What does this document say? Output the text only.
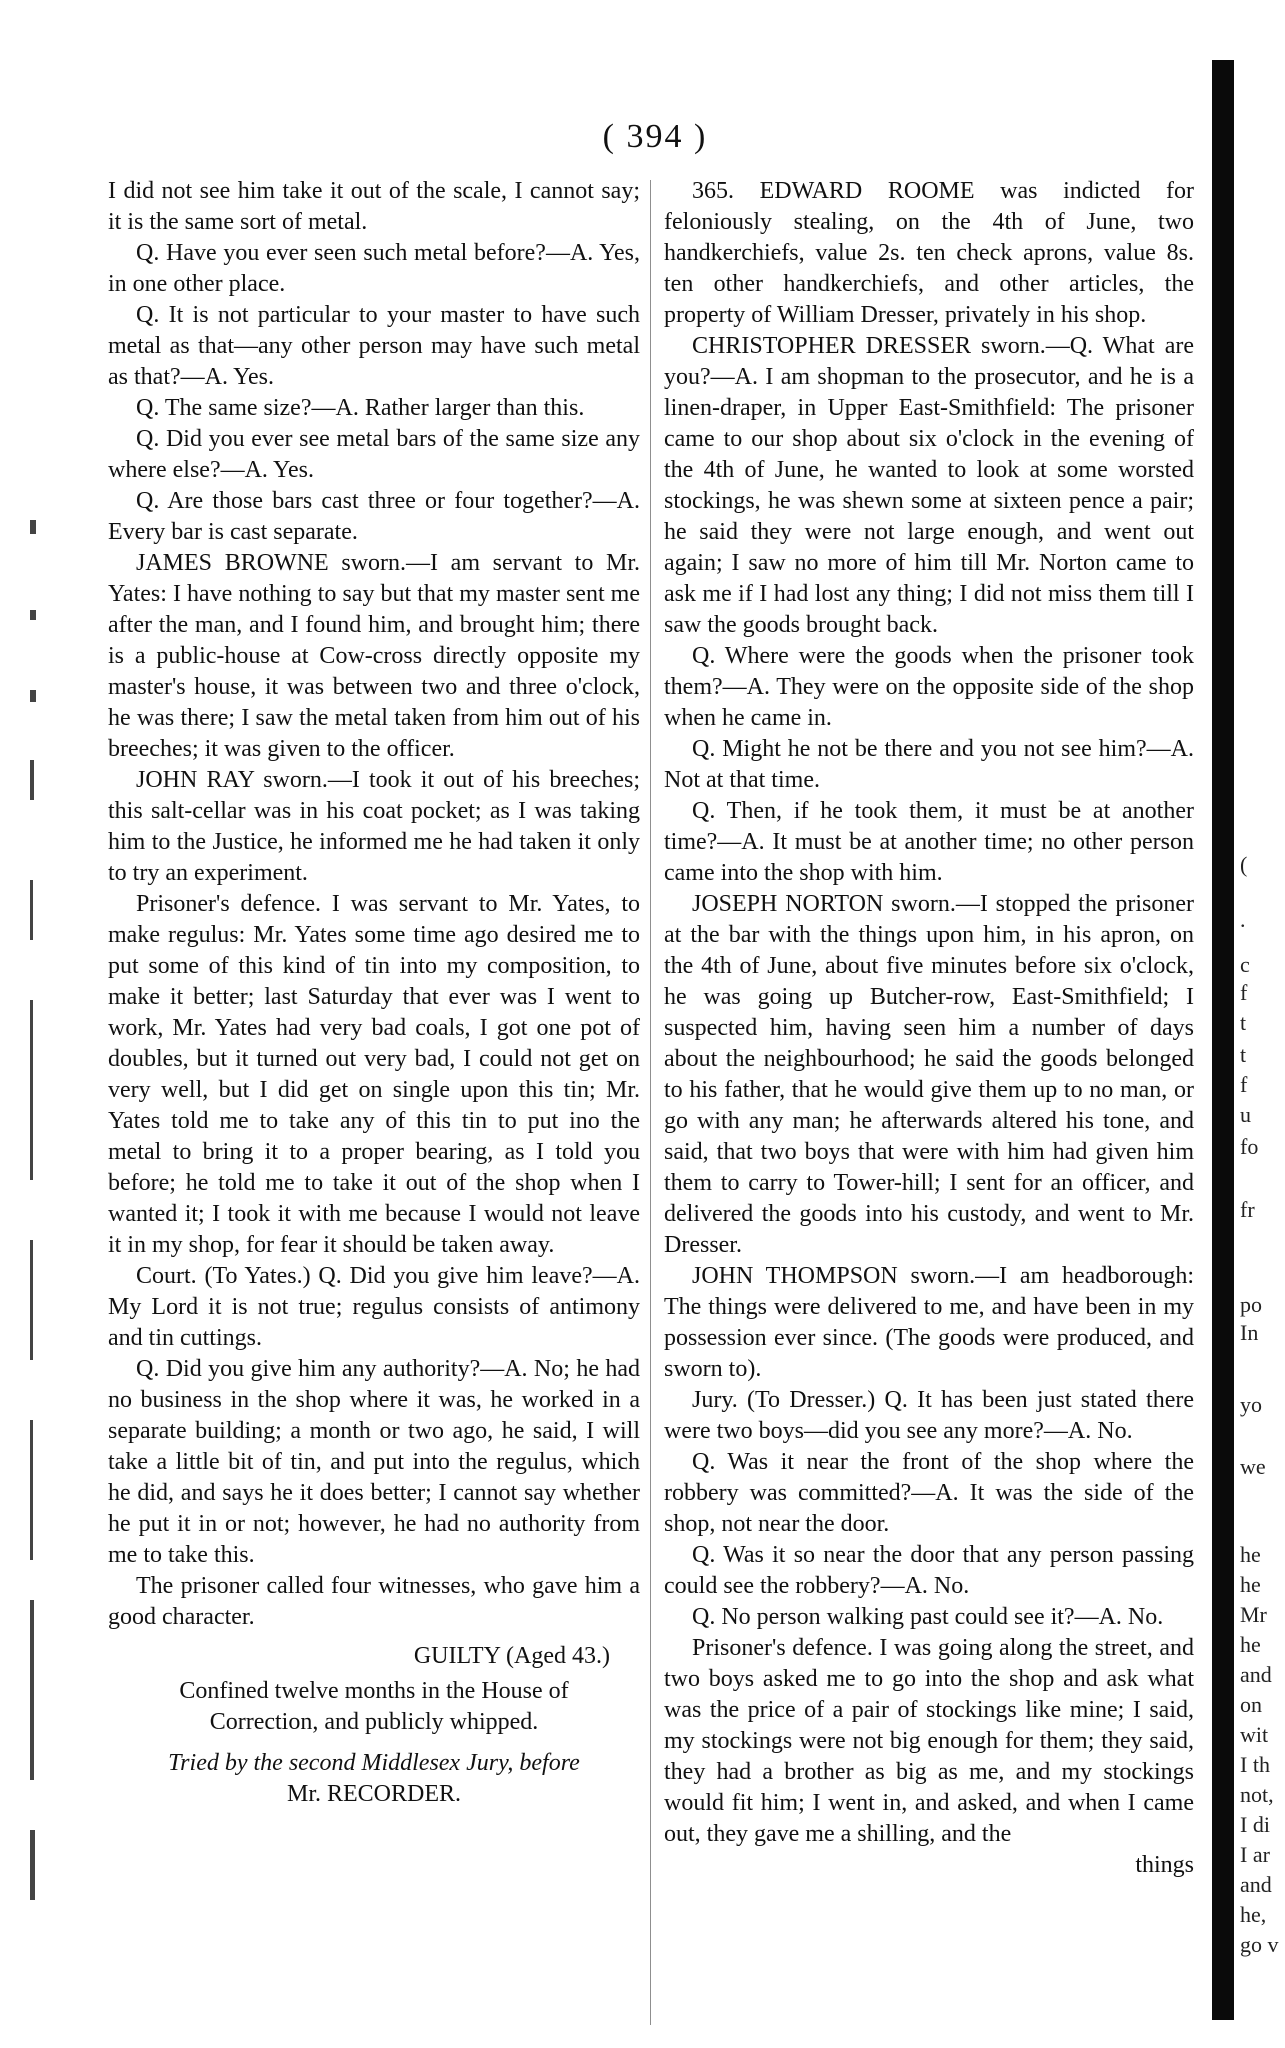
( 394 )

I did not see him take it out of the scale, I cannot say; it is the same sort of metal.

Q. Have you ever seen such metal before?—A. Yes, in one other place.

Q. It is not particular to your master to have such metal as that—any other person may have such metal as that?—A. Yes.

Q. The same size?—A. Rather larger than this.

Q. Did you ever see metal bars of the same size any where else?—A. Yes.

Q. Are those bars cast three or four together?—A. Every bar is cast separate.

JAMES BROWNE sworn.—I am servant to Mr. Yates: I have nothing to say but that my master sent me after the man, and I found him, and brought him; there is a public-house at Cow-cross directly opposite my master's house, it was between two and three o'clock, he was there; I saw the metal taken from him out of his breeches; it was given to the officer.

JOHN RAY sworn.—I took it out of his breeches; this salt-cellar was in his coat pocket; as I was taking him to the Justice, he informed me he had taken it only to try an experiment.

Prisoner's defence. I was servant to Mr. Yates, to make regulus: Mr. Yates some time ago desired me to put some of this kind of tin into my composition, to make it better; last Saturday that ever was I went to work, Mr. Yates had very bad coals, I got one pot of doubles, but it turned out very bad, I could not get on very well, but I did get on single upon this tin; Mr. Yates told me to take any of this tin to put ino the metal to bring it to a proper bearing, as I told you before; he told me to take it out of the shop when I wanted it; I took it with me because I would not leave it in my shop, for fear it should be taken away.

Court. (To Yates.) Q. Did you give him leave?—A. My Lord it is not true; regulus consists of antimony and tin cuttings.

Q. Did you give him any authority?—A. No; he had no business in the shop where it was, he worked in a separate building; a month or two ago, he said, I will take a little bit of tin, and put into the regulus, which he did, and says he it does better; I cannot say whether he put it in or not; however, he had no authority from me to take this.

The prisoner called four witnesses, who gave him a good character.

GUILTY (Aged 43.)

Confined twelve months in the House of Correction, and publicly whipped.

Tried by the second Middlesex Jury, before

Mr. RECORDER.

365. EDWARD ROOME was indicted for feloniously stealing, on the 4th of June, two handkerchiefs, value 2s. ten check aprons, value 8s. ten other handkerchiefs, and other articles, the property of William Dresser, privately in his shop.

CHRISTOPHER DRESSER sworn.—Q. What are you?—A. I am shopman to the prosecutor, and he is a linen-draper, in Upper East-Smithfield: The prisoner came to our shop about six o'clock in the evening of the 4th of June, he wanted to look at some worsted stockings, he was shewn some at sixteen pence a pair; he said they were not large enough, and went out again; I saw no more of him till Mr. Norton came to ask me if I had lost any thing; I did not miss them till I saw the goods brought back.

Q. Where were the goods when the prisoner took them?—A. They were on the opposite side of the shop when he came in.

Q. Might he not be there and you not see him?—A. Not at that time.

Q. Then, if he took them, it must be at another time?—A. It must be at another time; no other person came into the shop with him.

JOSEPH NORTON sworn.—I stopped the prisoner at the bar with the things upon him, in his apron, on the 4th of June, about five minutes before six o'clock, he was going up Butcher-row, East-Smithfield; I suspected him, having seen him a number of days about the neighbourhood; he said the goods belonged to his father, that he would give them up to no man, or go with any man; he afterwards altered his tone, and said, that two boys that were with him had given him them to carry to Tower-hill; I sent for an officer, and delivered the goods into his custody, and went to Mr. Dresser.

JOHN THOMPSON sworn.—I am headborough: The things were delivered to me, and have been in my possession ever since. (The goods were produced, and sworn to).

Jury. (To Dresser.) Q. It has been just stated there were two boys—did you see any more?—A. No.

Q. Was it near the front of the shop where the robbery was committed?—A. It was the side of the shop, not near the door.

Q. Was it so near the door that any person passing could see the robbery?—A. No.

Q. No person walking past could see it?—A. No.

Prisoner's defence. I was going along the street, and two boys asked me to go into the shop and ask what was the price of a pair of stockings like mine; I said, my stockings were not big enough for them; they said, they had a brother as big as me, and my stockings would fit him; I went in, and asked, and when I came out, they gave me a shilling, and the

things

(
.
c
f
t
t
f
u
fo
fr
po
In
yo
we
he
he
Mr
he
and
on
wit
I th
not,
I di
I ar
and
he,
go v
